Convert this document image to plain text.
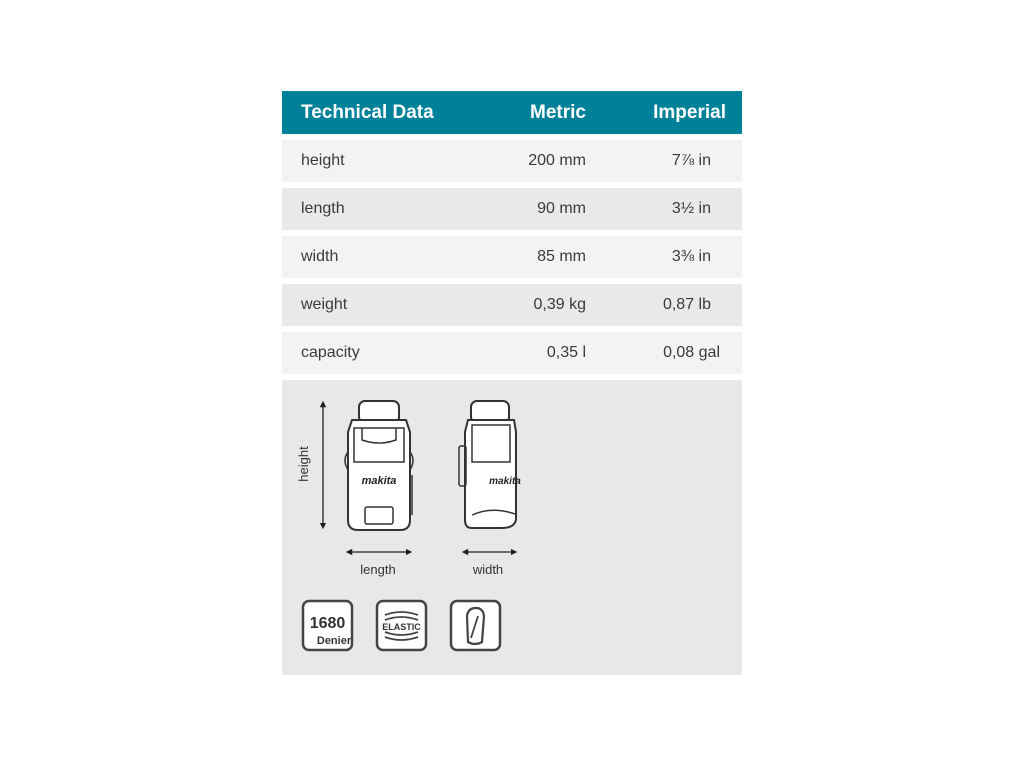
Technical Data	Metric	Imperial
height	200 mm	7⅞ in
length	90 mm	3½ in
width	85 mm	3⅜ in
weight	0,39 kg	0,87 lb
capacity	0,35 l	0,08 gal
height	makita
length
makita
width
1680
Denier
ELASTIC
